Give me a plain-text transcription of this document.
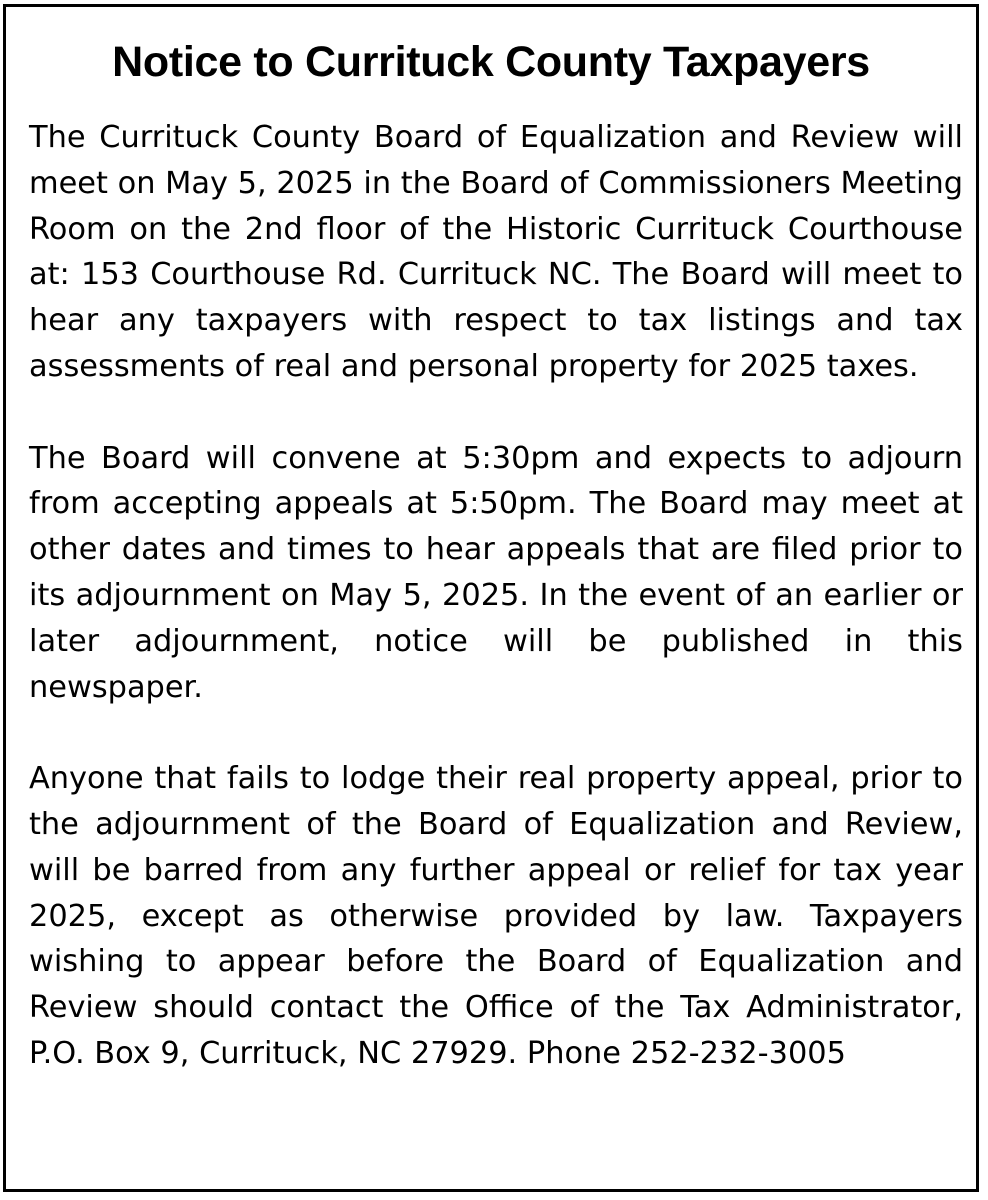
Notice to Currituck County Taxpayers

The Currituck County Board of Equalization and Review will meet on May 5, 2025 in the Board of Commissioners Meeting Room on the 2nd floor of the Historic Currituck Courthouse at: 153 Courthouse Rd. Currituck NC. The Board will meet to hear any taxpayers with respect to tax listings and tax assessments of real and personal property for 2025 taxes.

The Board will convene at 5:30pm and expects to adjourn from accepting appeals at 5:50pm. The Board may meet at other dates and times to hear appeals that are filed prior to its adjournment on May 5, 2025. In the event of an earlier or later adjournment, notice will be published in this newspaper.

Anyone that fails to lodge their real property appeal, prior to the adjournment of the Board of Equalization and Review, will be barred from any further appeal or relief for tax year 2025, except as otherwise provided by law. Taxpayers wishing to appear before the Board of Equalization and Review should contact the Office of the Tax Administrator, P.O. Box 9, Currituck, NC 27929. Phone 252-232-3005
